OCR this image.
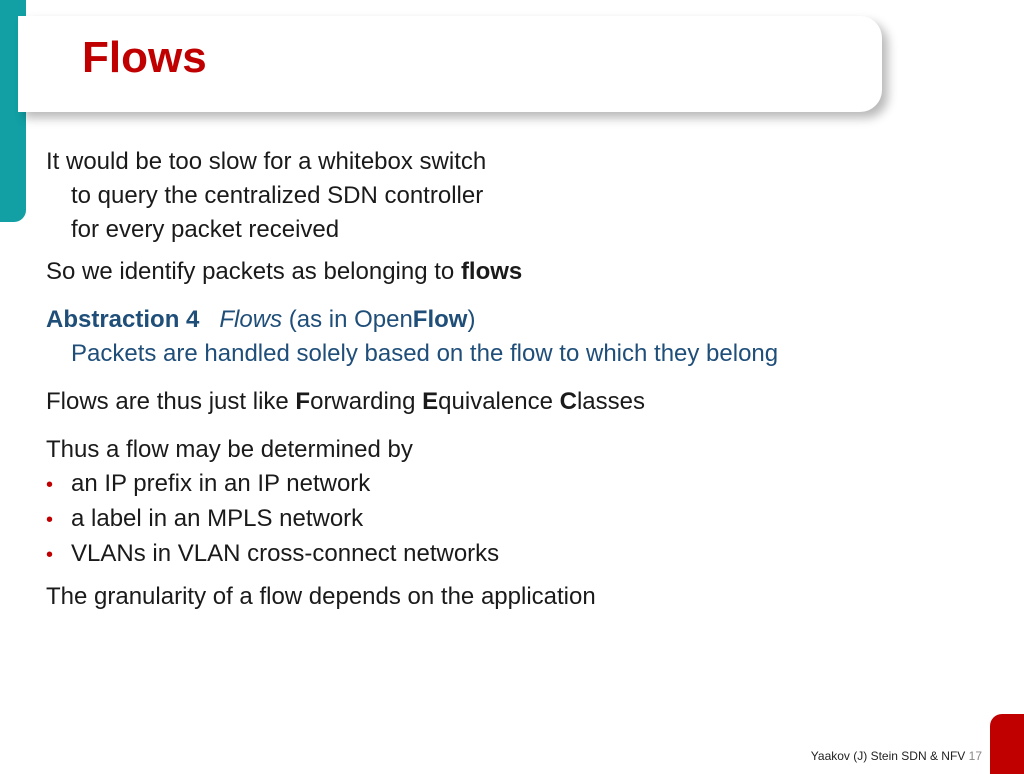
Flows

It would be too slow for a whitebox switch
to query the centralized SDN controller
for every packet received

So we identify packets as belonging to flows

Abstraction 4 Flows (as in OpenFlow)
Packets are handled solely based on the flow to which they belong

Flows are thus just like Forwarding Equivalence Classes

Thus a flow may be determined by

• an IP prefix in an IP network
• a label in an MPLS network
• VLANs in VLAN cross-connect networks

The granularity of a flow depends on the application

Yaakov (J) Stein SDN & NFV 17
